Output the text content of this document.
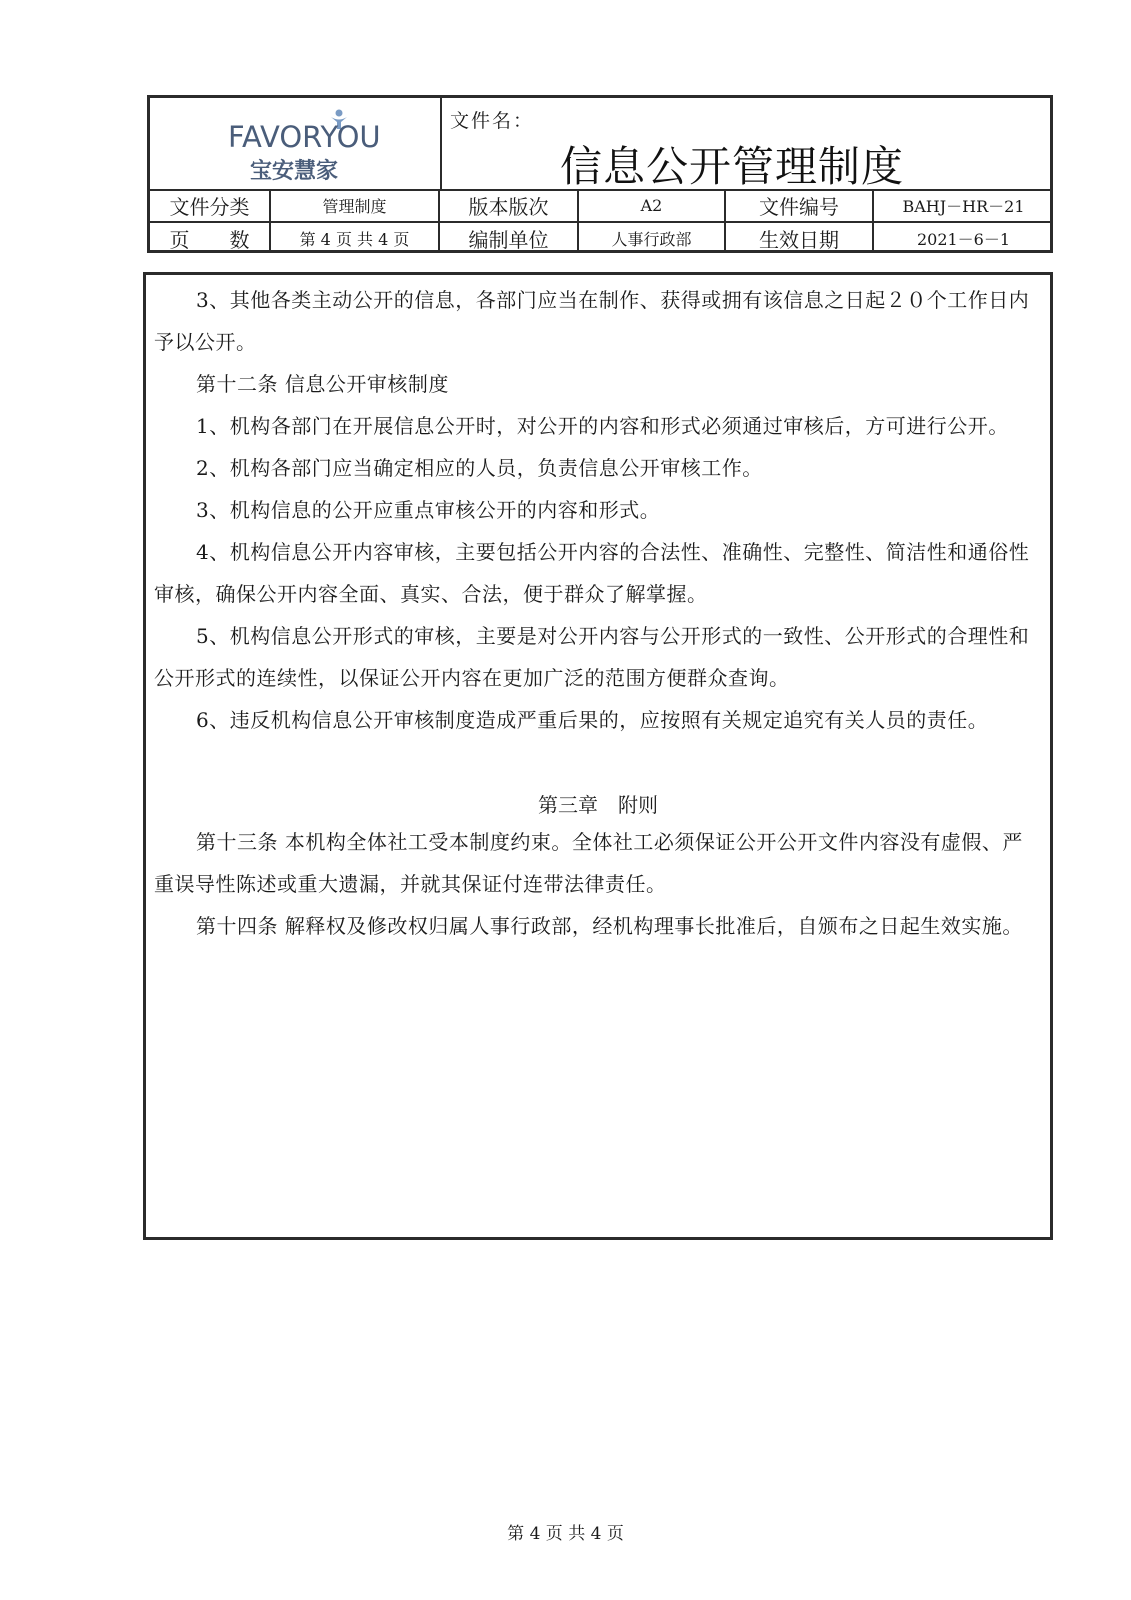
FAVORYOU
宝安慧家
文件名：
信息公开管理制度
文件分类	管理制度	版本版次	A2	文件编号	BAHJ－HR－21
页　　数	第 4 页 共 4 页	编制单位	人事行政部	生效日期	2021－6－1
3、其他各类主动公开的信息，各部门应当在制作、获得或拥有该信息之日起２０个工作日内予以公开。
第十二条 信息公开审核制度
1、机构各部门在开展信息公开时，对公开的内容和形式必须通过审核后，方可进行公开。
2、机构各部门应当确定相应的人员，负责信息公开审核工作。
3、机构信息的公开应重点审核公开的内容和形式。
4、机构信息公开内容审核，主要包括公开内容的合法性、准确性、完整性、简洁性和通俗性审核，确保公开内容全面、真实、合法，便于群众了解掌握。
5、机构信息公开形式的审核，主要是对公开内容与公开形式的一致性、公开形式的合理性和公开形式的连续性，以保证公开内容在更加广泛的范围方便群众查询。
6、违反机构信息公开审核制度造成严重后果的，应按照有关规定追究有关人员的责任。
第三章　附则
第十三条 本机构全体社工受本制度约束。全体社工必须保证公开公开文件内容没有虚假、严重误导性陈述或重大遗漏，并就其保证付连带法律责任。
第十四条 解释权及修改权归属人事行政部，经机构理事长批准后，自颁布之日起生效实施。
第 4 页 共 4 页
